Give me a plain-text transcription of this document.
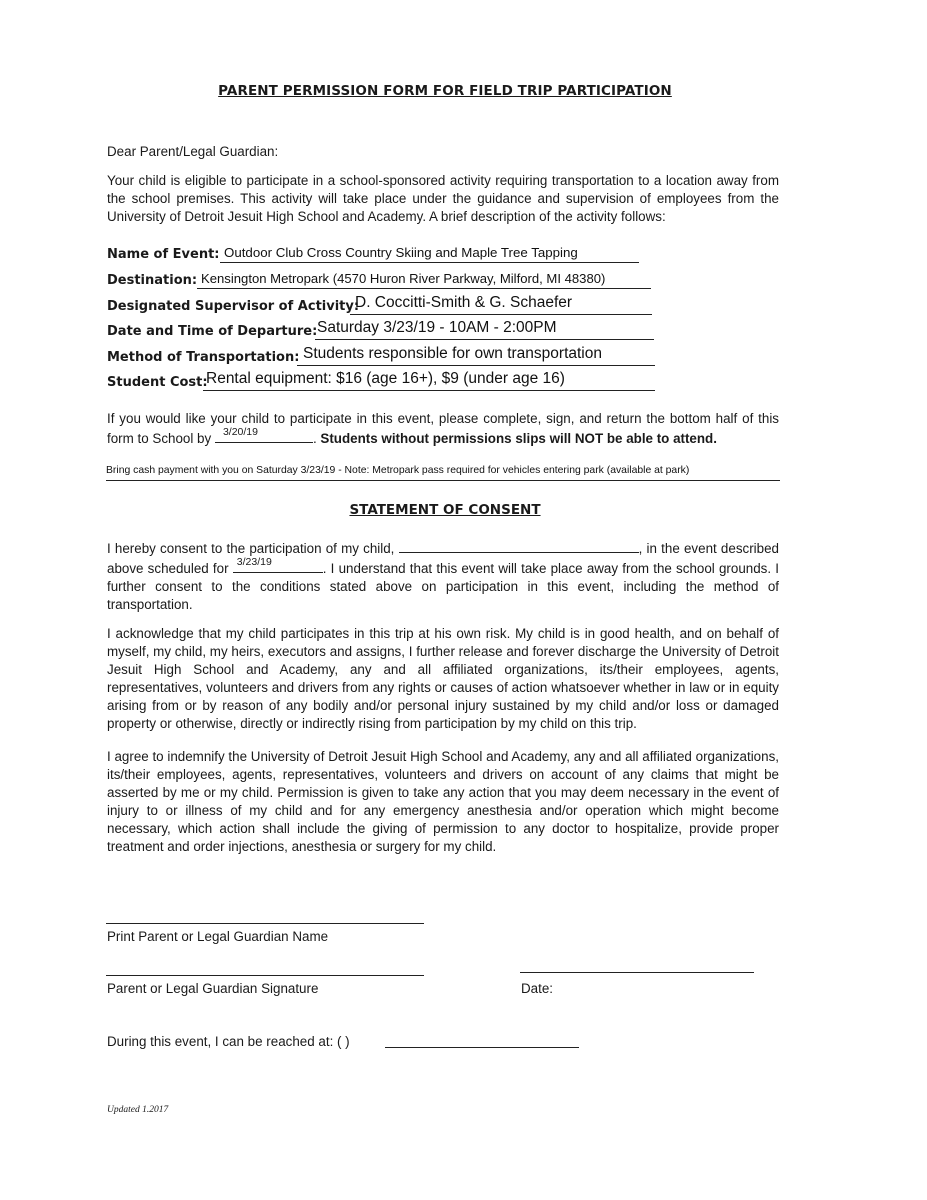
PARENT PERMISSION FORM FOR FIELD TRIP PARTICIPATION
Dear Parent/Legal Guardian:
Your child is eligible to participate in a school-sponsored activity requiring transportation to a location away from the school premises. This activity will take place under the guidance and supervision of employees from the University of Detroit Jesuit High School and Academy. A brief description of the activity follows:
Name of Event: Outdoor Club Cross Country Skiing and Maple Tree Tapping
Destination: Kensington Metropark (4570 Huron River Parkway, Milford, MI 48380)
Designated Supervisor of Activity:
D. Coccitti-Smith & G. Schaefer
Date and Time of Departure: Saturday 3/23/19 - 10AM - 2:00PM
Method of Transportation: Students responsible for own transportation
Student Cost:
Rental equipment: $16 (age 16+), $9 (under age 16)
If you would like your child to participate in this event, please complete, sign, and return the bottom half of this form to School by 3/20/19	. Students without permissions slips will NOT be able to attend.
Bring cash payment with you on Saturday 3/23/19 - Note: Metropark pass required for vehicles entering park (available at park)
STATEMENT OF CONSENT
I hereby consent to the participation of my child,	, in the event described above scheduled for 3/23/19	. I understand that this event will take place away from the school grounds. I further consent to the conditions stated above on participation in this event, including the method of transportation.
I acknowledge that my child participates in this trip at his own risk. My child is in good health, and on behalf of myself, my child, my heirs, executors and assigns, I further release and forever discharge the University of Detroit Jesuit High School and Academy, any and all affiliated organizations, its/their employees, agents, representatives, volunteers and drivers from any rights or causes of action whatsoever whether in law or in equity arising from or by reason of any bodily and/or personal injury sustained by my child and/or loss or damaged property or otherwise, directly or indirectly rising from participation by my child on this trip.
I agree to indemnify the University of Detroit Jesuit High School and Academy, any and all affiliated organizations, its/their employees, agents, representatives, volunteers and drivers on account of any claims that might be asserted by me or my child. Permission is given to take any action that you may deem necessary in the event of injury to or illness of my child and for any emergency anesthesia and/or operation which might become necessary, which action shall include the giving of permission to any doctor to hospitalize, provide proper treatment and order injections, anesthesia or surgery for my child.
Print Parent or Legal Guardian Name
Parent or Legal Guardian Signature	Date:
During this event, I can be reached at: ( )
Updated 1.2017
